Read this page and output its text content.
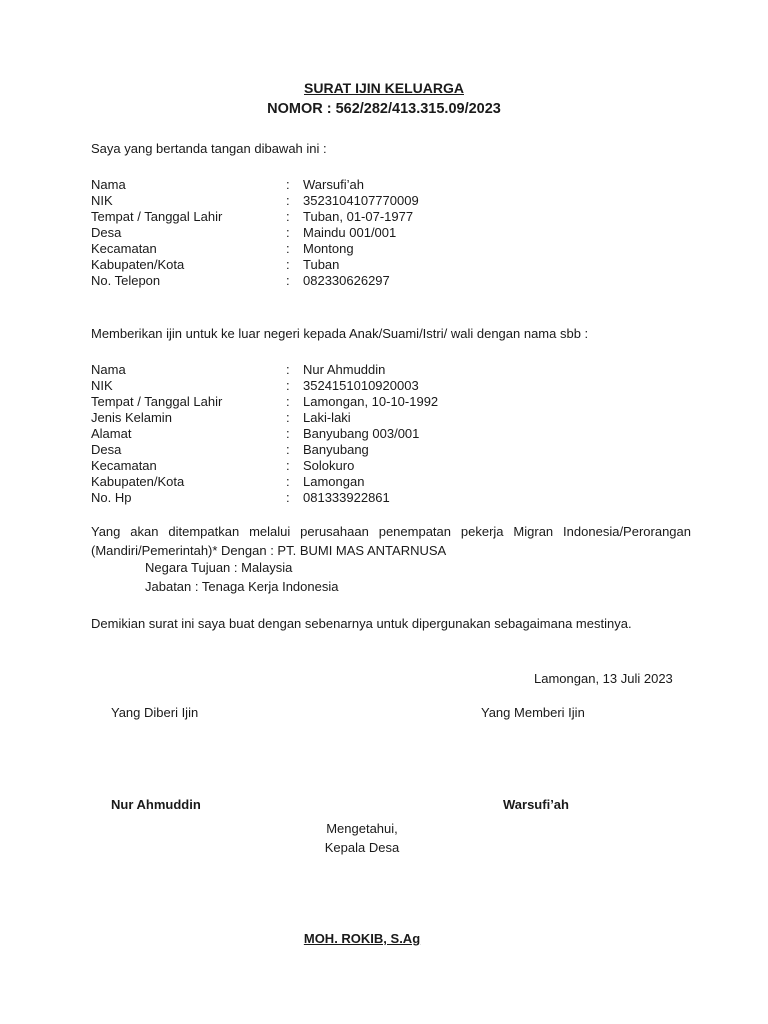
SURAT IJIN KELUARGA
NOMOR : 562/282/413.315.09/2023
Saya yang bertanda tangan dibawah ini :
Nama	: Warsufi’ah
NIK	: 3523104107770009
Tempat / Tanggal Lahir	: Tuban, 01-07-1977
Desa	: Maindu 001/001
Kecamatan	: Montong
Kabupaten/Kota	: Tuban
No. Telepon	: 082330626297
Memberikan ijin untuk ke luar negeri kepada Anak/Suami/Istri/ wali dengan nama sbb :
Nama	: Nur Ahmuddin
NIK	: 3524151010920003
Tempat / Tanggal Lahir	: Lamongan, 10-10-1992
Jenis Kelamin	: Laki-laki
Alamat	: Banyubang 003/001
Desa	: Banyubang
Kecamatan	: Solokuro
Kabupaten/Kota	: Lamongan
No. Hp	: 081333922861
Yang akan ditempatkan melalui perusahaan penempatan pekerja Migran Indonesia/Perorangan (Mandiri/Pemerintah)* Dengan : PT. BUMI MAS ANTARNUSA
Negara Tujuan : Malaysia
Jabatan : Tenaga Kerja Indonesia
Demikian surat ini saya buat dengan sebenarnya untuk dipergunakan sebagaimana mestinya.
Lamongan, 13 Juli 2023
Yang Diberi Ijin	Yang Memberi Ijin
Nur Ahmuddin	Warsufi’ah
Mengetahui,
Kepala Desa
MOH. ROKIB, S.Ag
